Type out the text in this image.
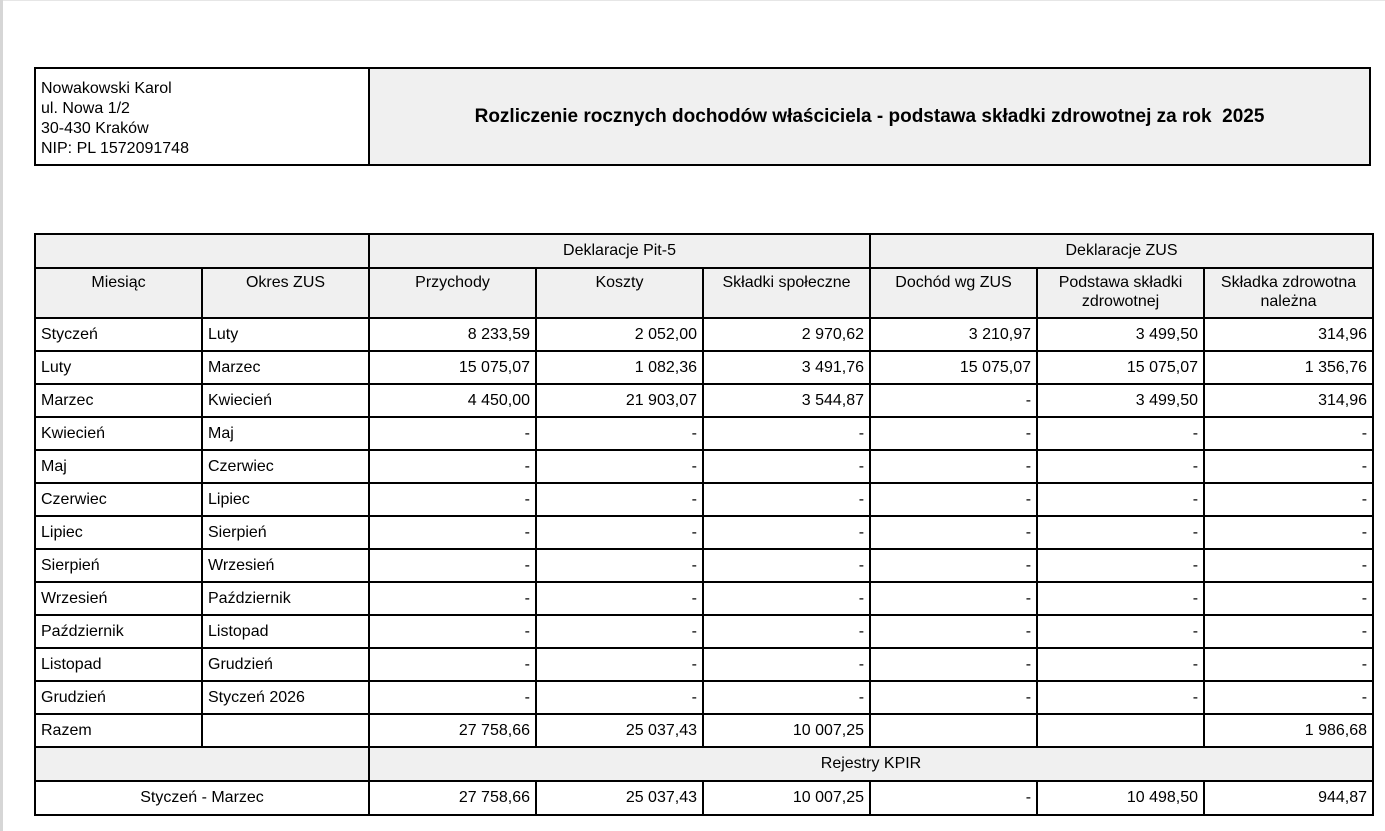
Nowakowski Karol
ul. Nowa 1/2
30-430 Kraków
NIP: PL 1572091748
Rozliczenie rocznych dochodów właściciela - podstawa składki zdrowotnej za rok  2025
		Deklaracje Pit-5			Deklaracje ZUS		
Miesiąc	Okres ZUS	Przychody	Koszty	Składki społeczne	Dochód wg ZUS	Podstawa składki zdrowotnej	Składka zdrowotna należna
Styczeń	Luty	8 233,59	2 052,00	2 970,62	3 210,97	3 499,50	314,96
Luty	Marzec	15 075,07	1 082,36	3 491,76	15 075,07	15 075,07	1 356,76
Marzec	Kwiecień	4 450,00	21 903,07	3 544,87	-	3 499,50	314,96
Kwiecień	Maj	-	-	-	-	-	-
Maj	Czerwiec	-	-	-	-	-	-
Czerwiec	Lipiec	-	-	-	-	-	-
Lipiec	Sierpień	-	-	-	-	-	-
Sierpień	Wrzesień	-	-	-	-	-	-
Wrzesień	Październik	-	-	-	-	-	-
Październik	Listopad	-	-	-	-	-	-
Listopad	Grudzień	-	-	-	-	-	-
Grudzień	Styczeń 2026	-	-	-	-	-	-
Razem		27 758,66	25 037,43	10 007,25			1 986,68
		Rejestry KPIR					
Styczeń - Marzec		27 758,66	25 037,43	10 007,25	-	10 498,50	944,87
